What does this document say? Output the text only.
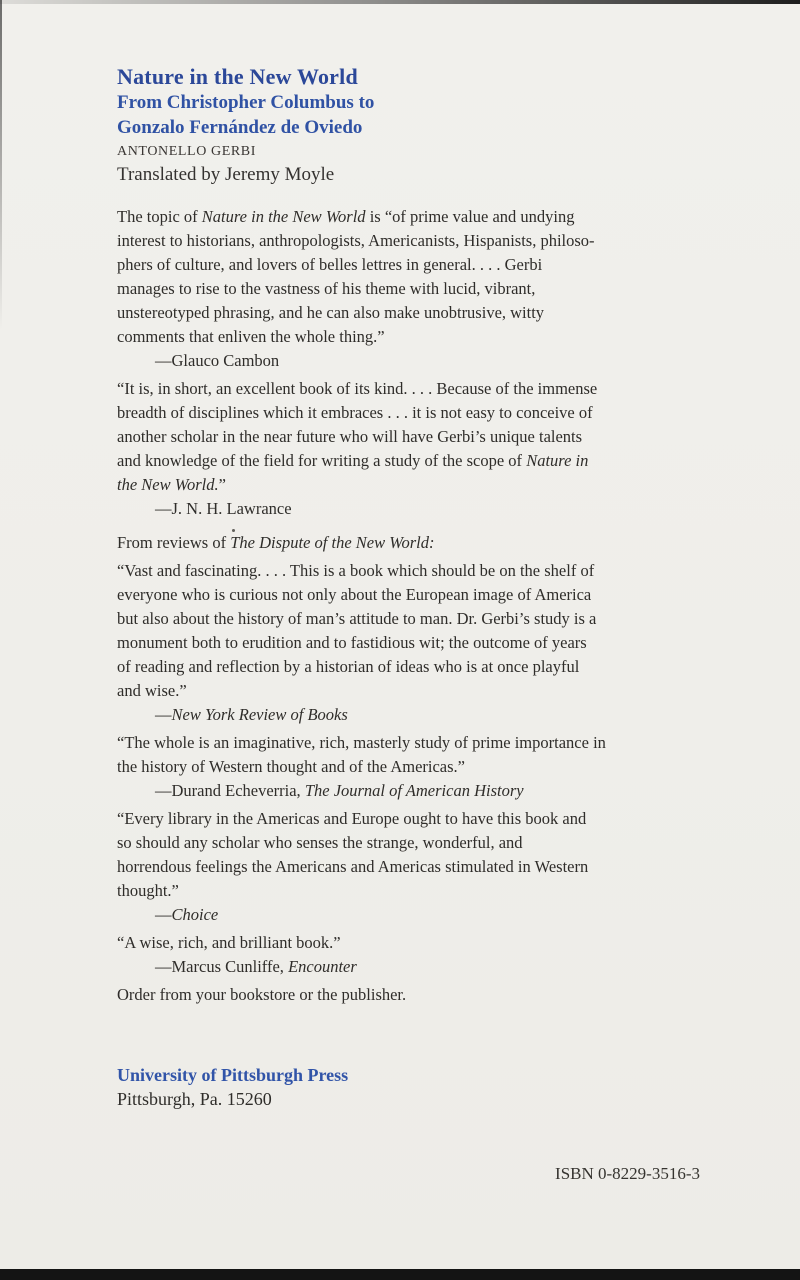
Nature in the New World
From Christopher Columbus to
Gonzalo Fernández de Oviedo
ANTONELLO GERBI
Translated by Jeremy Moyle

The topic of Nature in the New World is “of prime value and undying
interest to historians, anthropologists, Americanists, Hispanists, philoso-
phers of culture, and lovers of belles lettres in general. . . . Gerbi
manages to rise to the vastness of his theme with lucid, vibrant,
unstereotyped phrasing, and he can also make unobtrusive, witty
comments that enliven the whole thing.”

—Glauco Cambon

“It is, in short, an excellent book of its kind. . . . Because of the immense
breadth of disciplines which it embraces . . . it is not easy to conceive of
another scholar in the near future who will have Gerbi’s unique talents
and knowledge of the field for writing a study of the scope of Nature in
the New World.”

—J. N. H. Lawrance

From reviews of The Dispute of the New World:

“Vast and fascinating. . . . This is a book which should be on the shelf of
everyone who is curious not only about the European image of America
but also about the history of man’s attitude to man. Dr. Gerbi’s study is a
monument both to erudition and to fastidious wit; the outcome of years
of reading and reflection by a historian of ideas who is at once playful
and wise.”

—New York Review of Books

“The whole is an imaginative, rich, masterly study of prime importance in
the history of Western thought and of the Americas.”

—Durand Echeverria, The Journal of American History

“Every library in the Americas and Europe ought to have this book and
so should any scholar who senses the strange, wonderful, and
horrendous feelings the Americans and Americas stimulated in Western
thought.”

—Choice

“A wise, rich, and brilliant book.”

—Marcus Cunliffe, Encounter

Order from your bookstore or the publisher.

University of Pittsburgh Press

Pittsburgh, Pa. 15260

ISBN 0-8229-3516-3
